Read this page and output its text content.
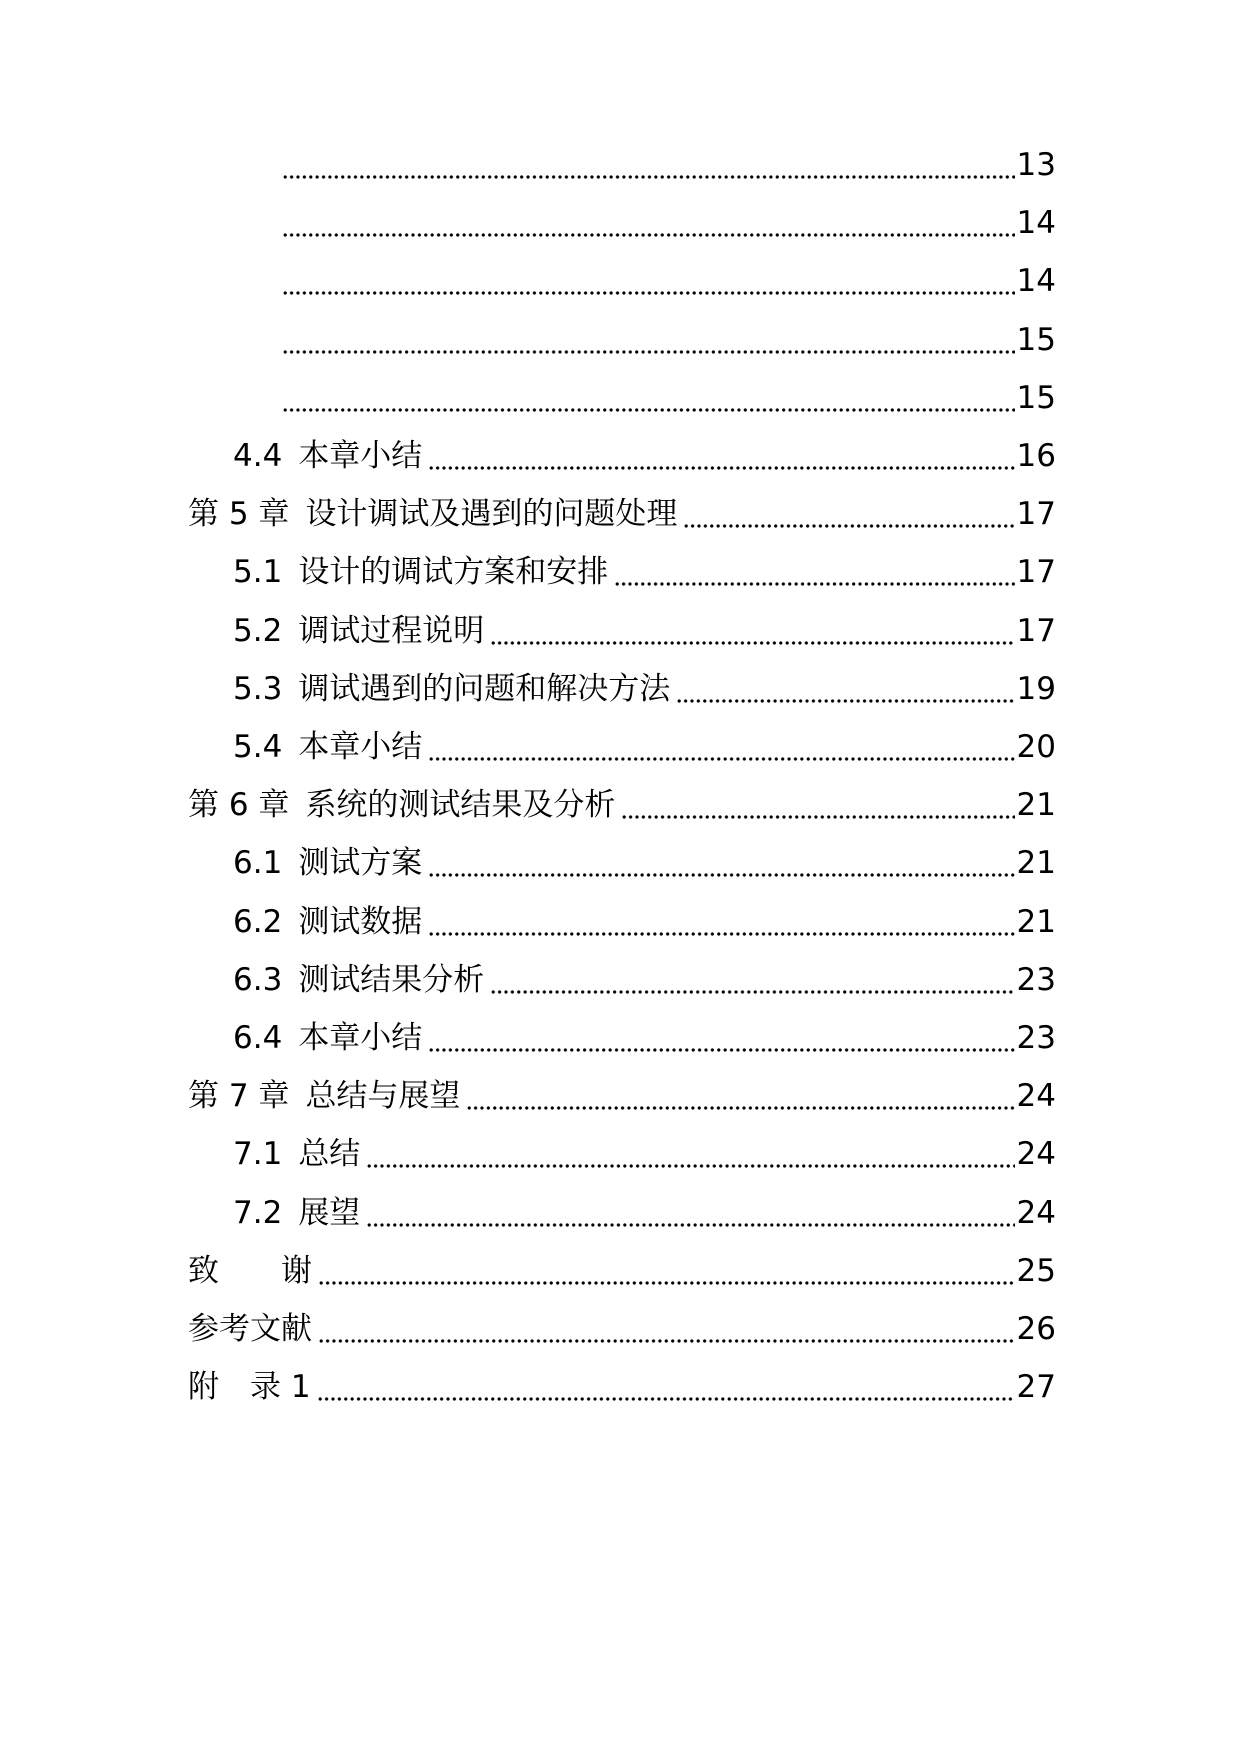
13
14
14
15
15
4.4 本章小结	16
第 5 章 设计调试及遇到的问题处理	17
5.1 设计的调试方案和安排	17
5.2 调试过程说明	17
5.3 调试遇到的问题和解决方法	19
5.4 本章小结	20
第 6 章 系统的测试结果及分析	21
6.1 测试方案	21
6.2 测试数据	21
6.3 测试结果分析	23
6.4 本章小结	23
第 7 章 总结与展望	24
7.1 总结	24
7.2 展望	24
致　　谢	25
参考文献	26
附　录 1	27
